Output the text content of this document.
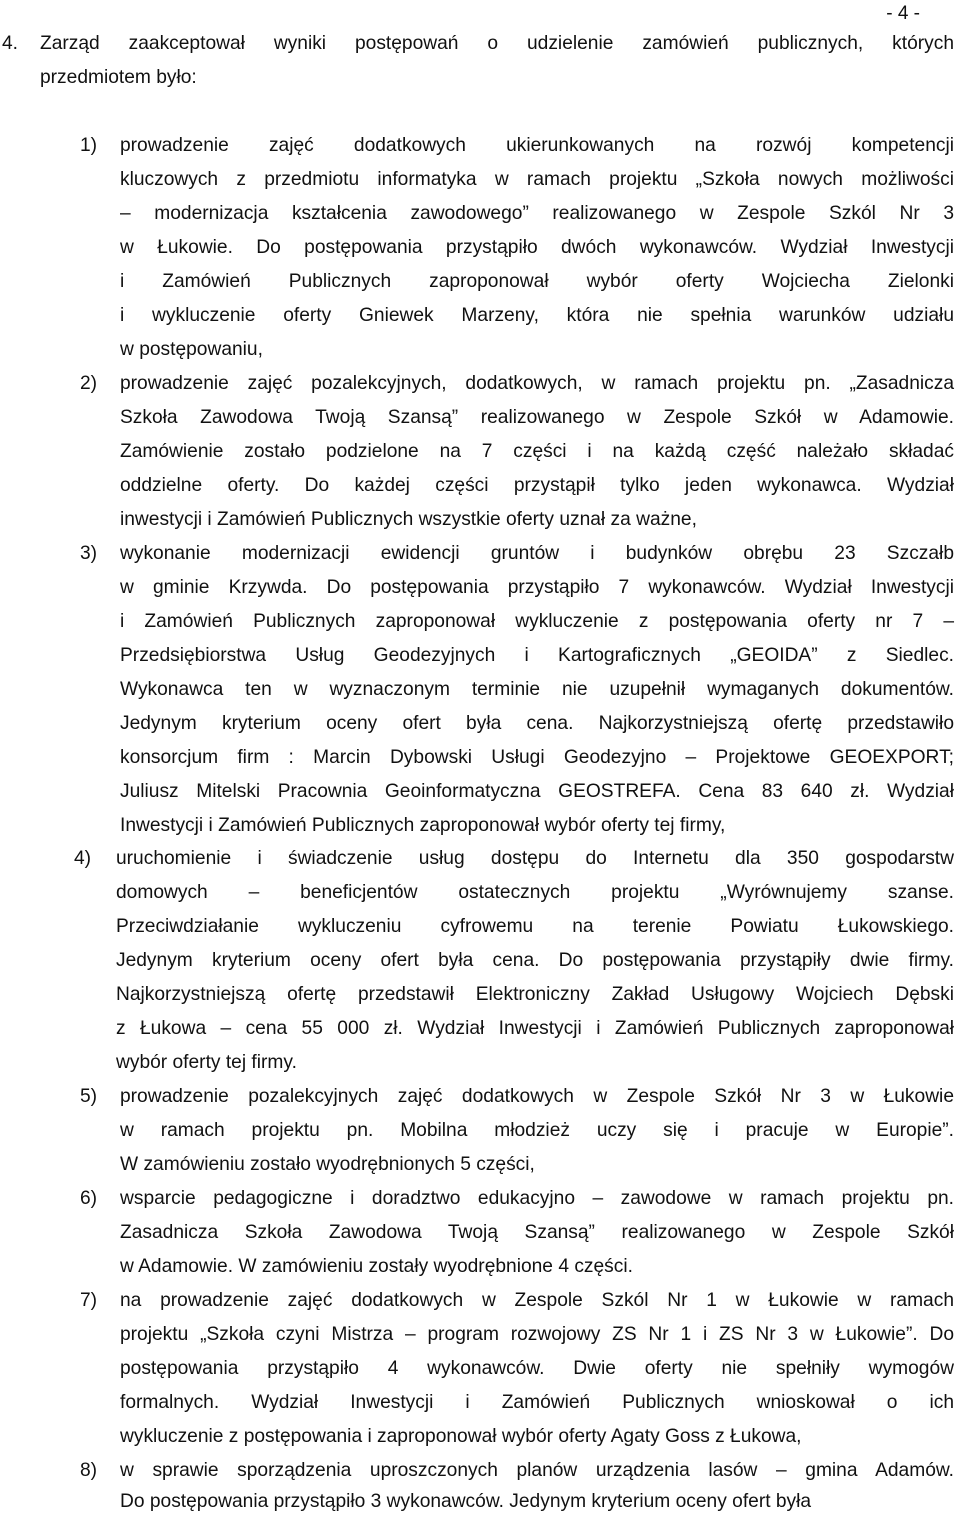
- 4 -
4. Zarząd zaakceptował wyniki postępowań o udzielenie zamówień publicznych, których
przedmiotem było:
1) prowadzenie zajęć dodatkowych ukierunkowanych na rozwój kompetencji
kluczowych z przedmiotu informatyka w ramach projektu „Szkoła nowych możliwości
– modernizacja kształcenia zawodowego” realizowanego w Zespole Szkól Nr 3
w Łukowie. Do postępowania przystąpiło dwóch wykonawców. Wydział Inwestycji
i Zamówień Publicznych zaproponował wybór oferty Wojciecha Zielonki
i wykluczenie oferty Gniewek Marzeny, która nie spełnia warunków udziału
w postępowaniu,
2) prowadzenie zajęć pozalekcyjnych, dodatkowych, w ramach projektu pn. „Zasadnicza
Szkoła Zawodowa Twoją Szansą” realizowanego w Zespole Szkół w Adamowie.
Zamówienie zostało podzielone na 7 części i na każdą część należało składać
oddzielne oferty. Do każdej części przystąpił tylko jeden wykonawca. Wydział
inwestycji i Zamówień Publicznych wszystkie oferty uznał za ważne,
3) wykonanie modernizacji ewidencji gruntów i budynków obrębu 23 Szczałb
w gminie Krzywda. Do postępowania przystąpiło 7 wykonawców. Wydział Inwestycji
i Zamówień Publicznych zaproponował wykluczenie z postępowania oferty nr 7 –
Przedsiębiorstwa Usług Geodezyjnych i Kartograficznych „GEOIDA” z Siedlec.
Wykonawca ten w wyznaczonym terminie nie uzupełnił wymaganych dokumentów.
Jedynym kryterium oceny ofert była cena. Najkorzystniejszą ofertę przedstawiło
konsorcjum firm : Marcin Dybowski Usługi Geodezyjno – Projektowe GEOEXPORT;
Juliusz Mitelski Pracownia Geoinformatyczna GEOSTREFA. Cena 83 640 zł. Wydział
Inwestycji i Zamówień Publicznych zaproponował wybór oferty tej firmy,
4) uruchomienie i świadczenie usług dostępu do Internetu dla 350 gospodarstw
domowych – beneficjentów ostatecznych projektu „Wyrównujemy szanse.
Przeciwdziałanie wykluczeniu cyfrowemu na terenie Powiatu Łukowskiego.
Jedynym kryterium oceny ofert była cena. Do postępowania przystąpiły dwie firmy.
Najkorzystniejszą ofertę przedstawił Elektroniczny Zakład Usługowy Wojciech Dębski
z Łukowa – cena 55 000 zł. Wydział Inwestycji i Zamówień Publicznych zaproponował
wybór oferty tej firmy.
5) prowadzenie pozalekcyjnych zajęć dodatkowych w Zespole Szkół Nr 3 w Łukowie
w ramach projektu pn. Mobilna młodzież uczy się i pracuje w Europie”.
W zamówieniu zostało wyodrębnionych 5 części,
6) wsparcie pedagogiczne i doradztwo edukacyjno – zawodowe w ramach projektu pn.
Zasadnicza Szkoła Zawodowa Twoją Szansą” realizowanego w Zespole Szkół
w Adamowie. W zamówieniu zostały wyodrębnione 4 części.
7) na prowadzenie zajęć dodatkowych w Zespole Szkól Nr 1 w Łukowie w ramach
projektu „Szkoła czyni Mistrza – program rozwojowy ZS Nr 1 i ZS Nr 3 w Łukowie”. Do
postępowania przystąpiło 4 wykonawców. Dwie oferty nie spełniły wymogów
formalnych. Wydział Inwestycji i Zamówień Publicznych wnioskował o ich
wykluczenie z postępowania i zaproponował wybór oferty Agaty Goss z Łukowa,
8) w sprawie sporządzenia uproszczonych planów urządzenia lasów – gmina Adamów.
Do postępowania przystąpiło 3 wykonawców. Jedynym kryterium oceny ofert była
